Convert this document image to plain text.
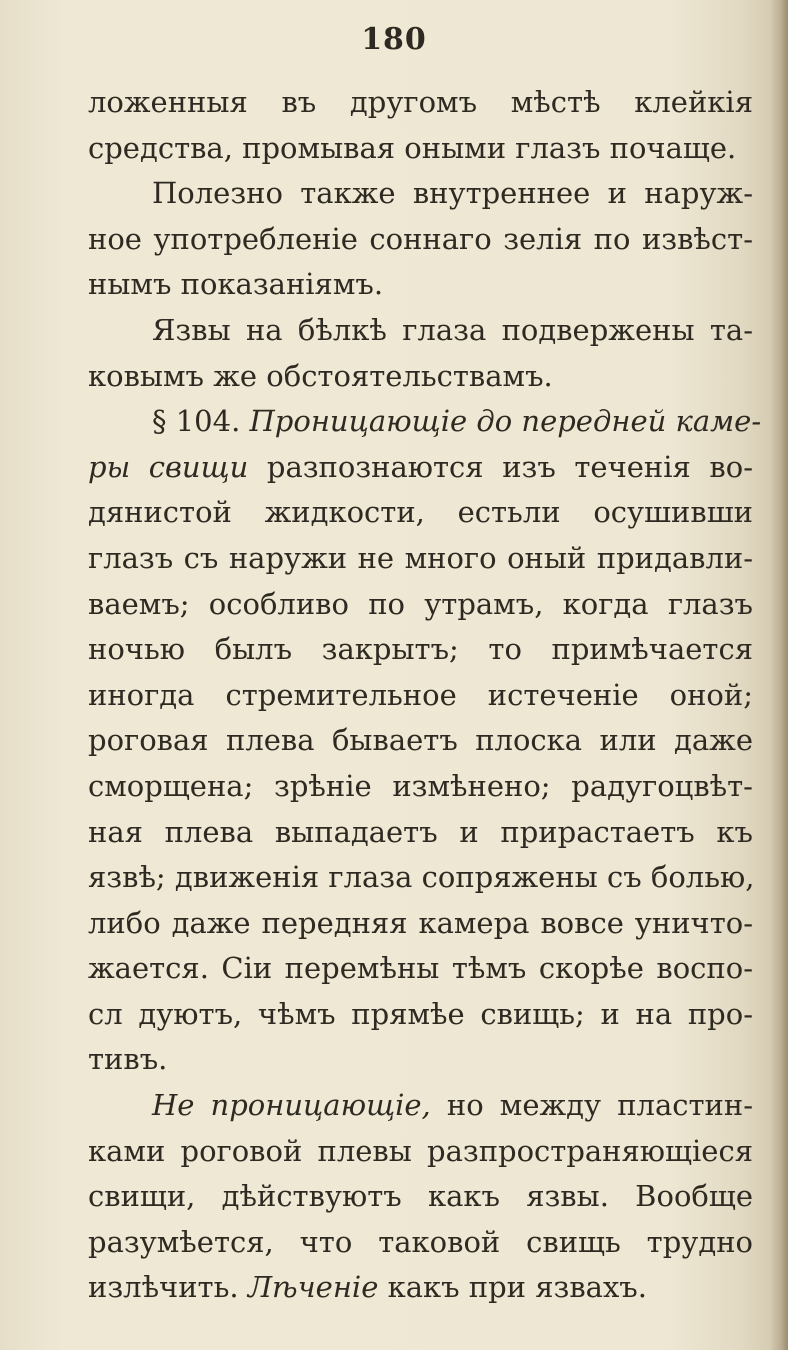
180
ложенныя въ другомъ мѣстѣ клейкія
средства, промывая оными глазъ почаще.
Полезно также внутреннее и наруж-
ное употребленіе соннаго зелія по извѣст-
нымъ показаніямъ.
Язвы на бѣлкѣ глаза подвержены та-
ковымъ же обстоятельствамъ.
§ 104. Проницающіе до передней каме-
ры свищи разпознаются изъ теченія во-
дянистой жидкости, естьли осушивши
глазъ съ наружи не много оный придавли-
ваемъ; особливо по утрамъ, когда глазъ
ночью былъ закрытъ; то примѣчается
иногда стремительное истеченіе оной;
роговая плева бываетъ плоска или даже
сморщена; зрѣніе измѣнено; радугоцвѣт-
ная плева выпадаетъ и прирастаетъ къ
язвѣ; движенія глаза сопряжены съ болью,
либо даже передняя камера вовсе уничто-
жается. Сіи перемѣны тѣмъ скорѣе воспо-
сл дуютъ, чѣмъ прямѣе свищь; и на про-
тивъ.
Не проницающіе, но между пластин-
ками роговой плевы разпространяющіеся
свищи, дѣйствуютъ какъ язвы. Вообще
разумѣется, что таковой свищь трудно
излѣчить. Лѣченіе какъ при язвахъ.
